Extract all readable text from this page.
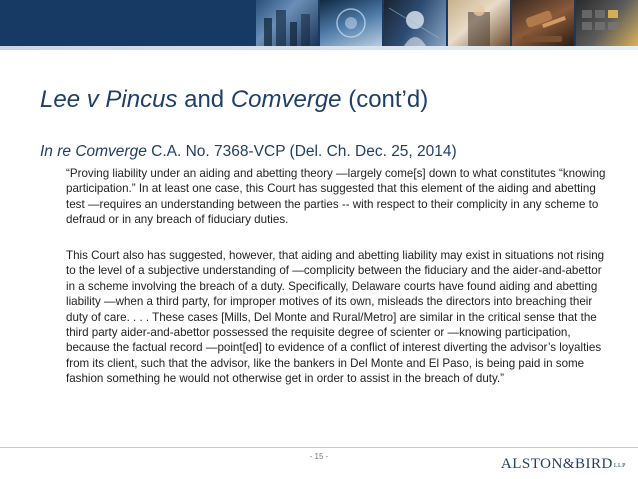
Lee v Pincus and Comverge (cont’d)
In re Comverge C.A. No. 7368-VCP (Del. Ch. Dec. 25, 2014)
“Proving liability under an aiding and abetting theory ―largely come[s] down to what constitutes “knowing participation.” In at least one case, this Court has suggested that this element of the aiding and abetting test ―requires an understanding between the parties -- with respect to their complicity in any scheme to defraud or in any breach of fiduciary duties.
This Court also has suggested, however, that aiding and abetting liability may exist in situations not rising to the level of a subjective understanding of ―complicity between the fiduciary and the aider-and-abettor in a scheme involving the breach of a duty. Specifically, Delaware courts have found aiding and abetting liability ―when a third party, for improper motives of its own, misleads the directors into breaching their duty of care. . . . These cases [Mills, Del Monte and Rural/Metro] are similar in the critical sense that the third party aider-and-abettor possessed the requisite degree of scienter or ―knowing participation, because the factual record ―point[ed] to evidence of a conflict of interest diverting the advisor’s loyalties from its client, such that the advisor, like the bankers in Del Monte and El Paso, is being paid in some fashion something he would not otherwise get in order to assist in the breach of duty.”
- 15 -	ALSTON&BIRDLLP
